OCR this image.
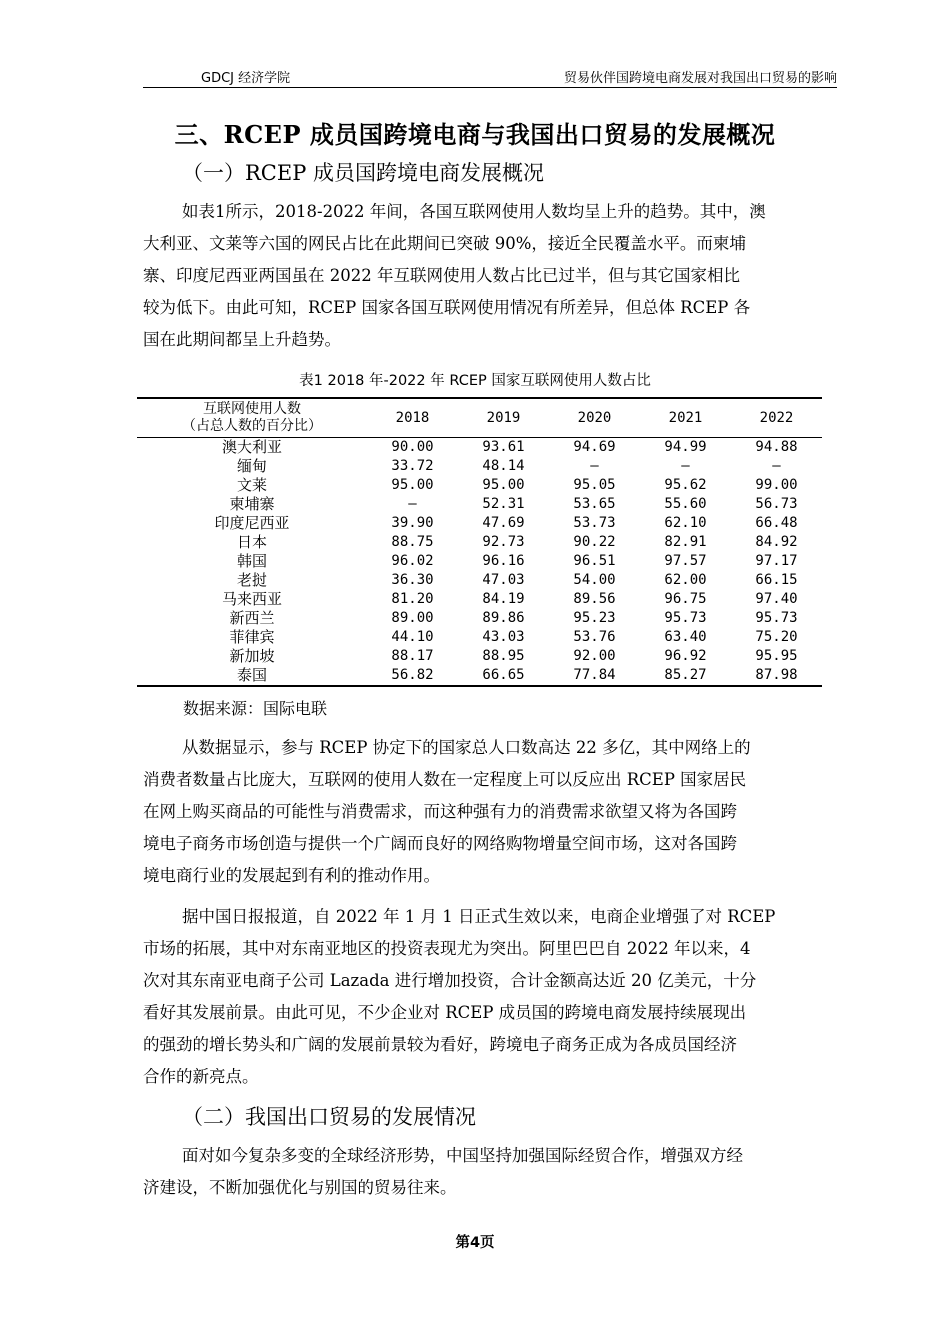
GDCJ 经济学院	贸易伙伴国跨境电商发展对我国出口贸易的影响
三、RCEP 成员国跨境电商与我国出口贸易的发展概况
（一）RCEP 成员国跨境电商发展概况
如表1所示，2018-2022 年间，各国互联网使用人数均呈上升的趋势。其中，澳
大利亚、文莱等六国的网民占比在此期间已突破 90%，接近全民覆盖水平。而柬埔
寨、印度尼西亚两国虽在 2022 年互联网使用人数占比已过半，但与其它国家相比
较为低下。由此可知，RCEP 国家各国互联网使用情况有所差异，但总体 RCEP 各
国在此期间都呈上升趋势。
表1 2018 年-2022 年 RCEP 国家互联网使用人数占比
互联网使用人数
（占总人数的百分比）	2018	2019	2020	2021	2022
澳大利亚	90.00	93.61	94.69	94.99	94.88
缅甸	33.72	48.14	–	–	–
文莱	95.00	95.00	95.05	95.62	99.00
柬埔寨	–	52.31	53.65	55.60	56.73
印度尼西亚	39.90	47.69	53.73	62.10	66.48
日本	88.75	92.73	90.22	82.91	84.92
韩国	96.02	96.16	96.51	97.57	97.17
老挝	36.30	47.03	54.00	62.00	66.15
马来西亚	81.20	84.19	89.56	96.75	97.40
新西兰	89.00	89.86	95.23	95.73	95.73
菲律宾	44.10	43.03	53.76	63.40	75.20
新加坡	88.17	88.95	92.00	96.92	95.95
泰国	56.82	66.65	77.84	85.27	87.98
数据来源：国际电联
从数据显示，参与 RCEP 协定下的国家总人口数高达 22 多亿，其中网络上的
消费者数量占比庞大，互联网的使用人数在一定程度上可以反应出 RCEP 国家居民
在网上购买商品的可能性与消费需求，而这种强有力的消费需求欲望又将为各国跨
境电子商务市场创造与提供一个广阔而良好的网络购物增量空间市场，这对各国跨
境电商行业的发展起到有利的推动作用。
据中国日报报道，自 2022 年 1 月 1 日正式生效以来，电商企业增强了对 RCEP
市场的拓展，其中对东南亚地区的投资表现尤为突出。阿里巴巴自 2022 年以来，4
次对其东南亚电商子公司 Lazada 进行增加投资，合计金额高达近 20 亿美元，十分
看好其发展前景。由此可见，不少企业对 RCEP 成员国的跨境电商发展持续展现出
的强劲的增长势头和广阔的发展前景较为看好，跨境电子商务正成为各成员国经济
合作的新亮点。
（二）我国出口贸易的发展情况
面对如今复杂多变的全球经济形势，中国坚持加强国际经贸合作，增强双方经
济建设，不断加强优化与别国的贸易往来。
第4页
